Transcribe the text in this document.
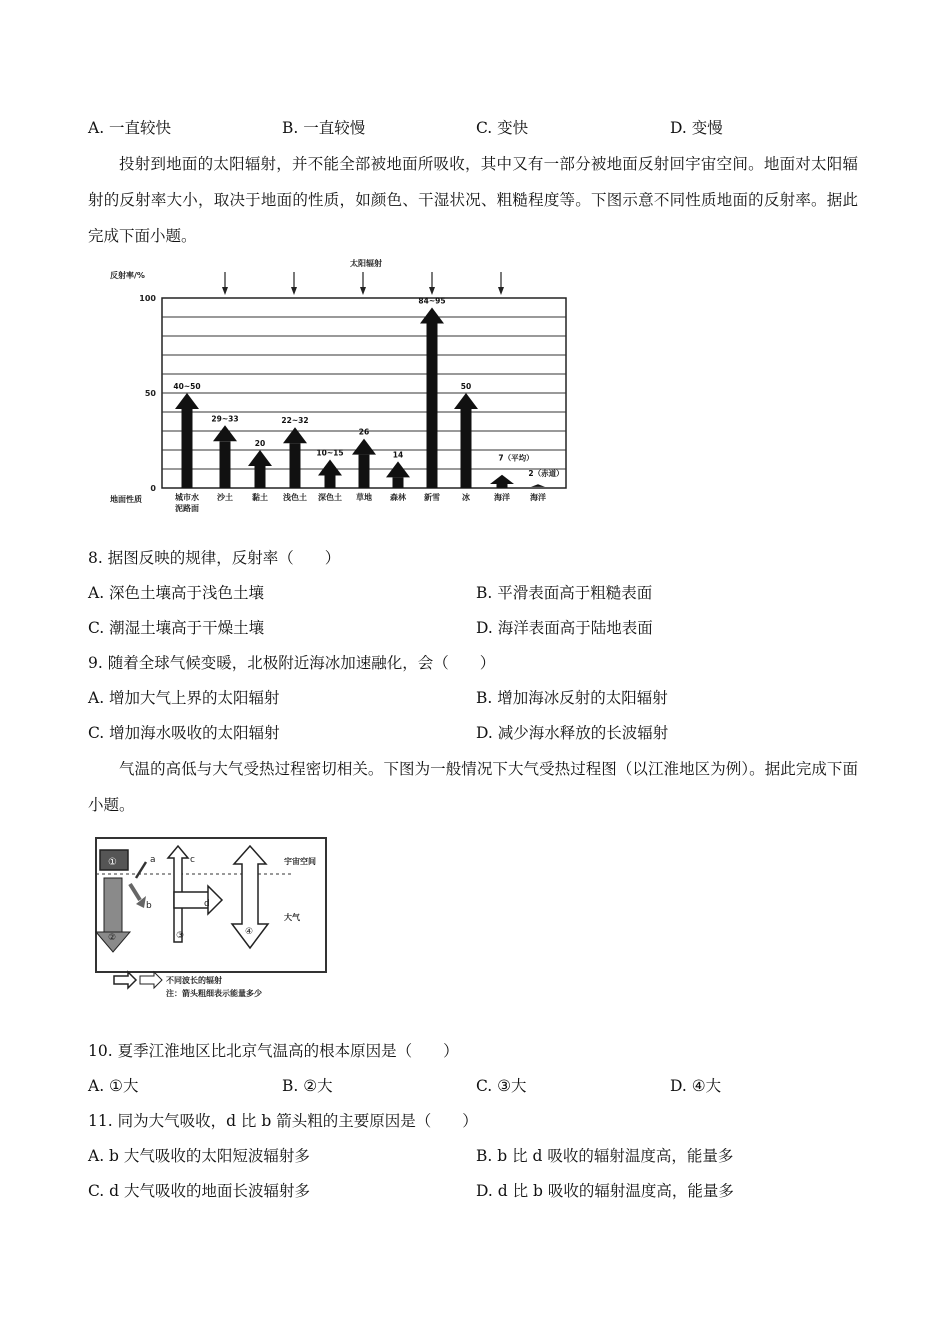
A. 一直较快	B. 一直较慢	C. 变快	D. 变慢

投射到地面的太阳辐射，并不能全部被地面所吸收，其中又有一部分被地面反射回宇宙空间。地面对太阳辐射的反射率大小，取决于地面的性质，如颜色、干湿状况、粗糙程度等。下图示意不同性质地面的反射率。据此完成下面小题。

0
50
100
反射率/%
太阳辐射
地面性质
40~50
城市水
泥路面
29~33
沙土
20
黏土
22~32
浅色土
10~15
深色土
26
草地
14
森林
84~95
新雪
50
冰
7（平均）
海洋
2（赤道）
海洋
8. 据图反映的规律，反射率（　　）
A. 深色土壤高于浅色土壤	B. 平滑表面高于粗糙表面
C. 潮湿土壤高于干燥土壤	D. 海洋表面高于陆地表面
9. 随着全球气候变暖，北极附近海冰加速融化，会（　　）
A. 增加大气上界的太阳辐射	B. 增加海冰反射的太阳辐射
C. 增加海水吸收的太阳辐射	D. 减少海水释放的长波辐射

气温的高低与大气受热过程密切相关。下图为一般情况下大气受热过程图（以江淮地区为例）。据此完成下面小题。

宇宙空间
大气
①
②
a
b
c
d
③	④
不同波长的辐射
注：箭头粗细表示能量多少
10. 夏季江淮地区比北京气温高的根本原因是（　　）
A. ①大	B. ②大	C. ③大	D. ④大
11. 同为大气吸收，d 比 b 箭头粗的主要原因是（　　）
A. b 大气吸收的太阳短波辐射多	B. b 比 d 吸收的辐射温度高，能量多
C. d 大气吸收的地面长波辐射多	D. d 比 b 吸收的辐射温度高，能量多
